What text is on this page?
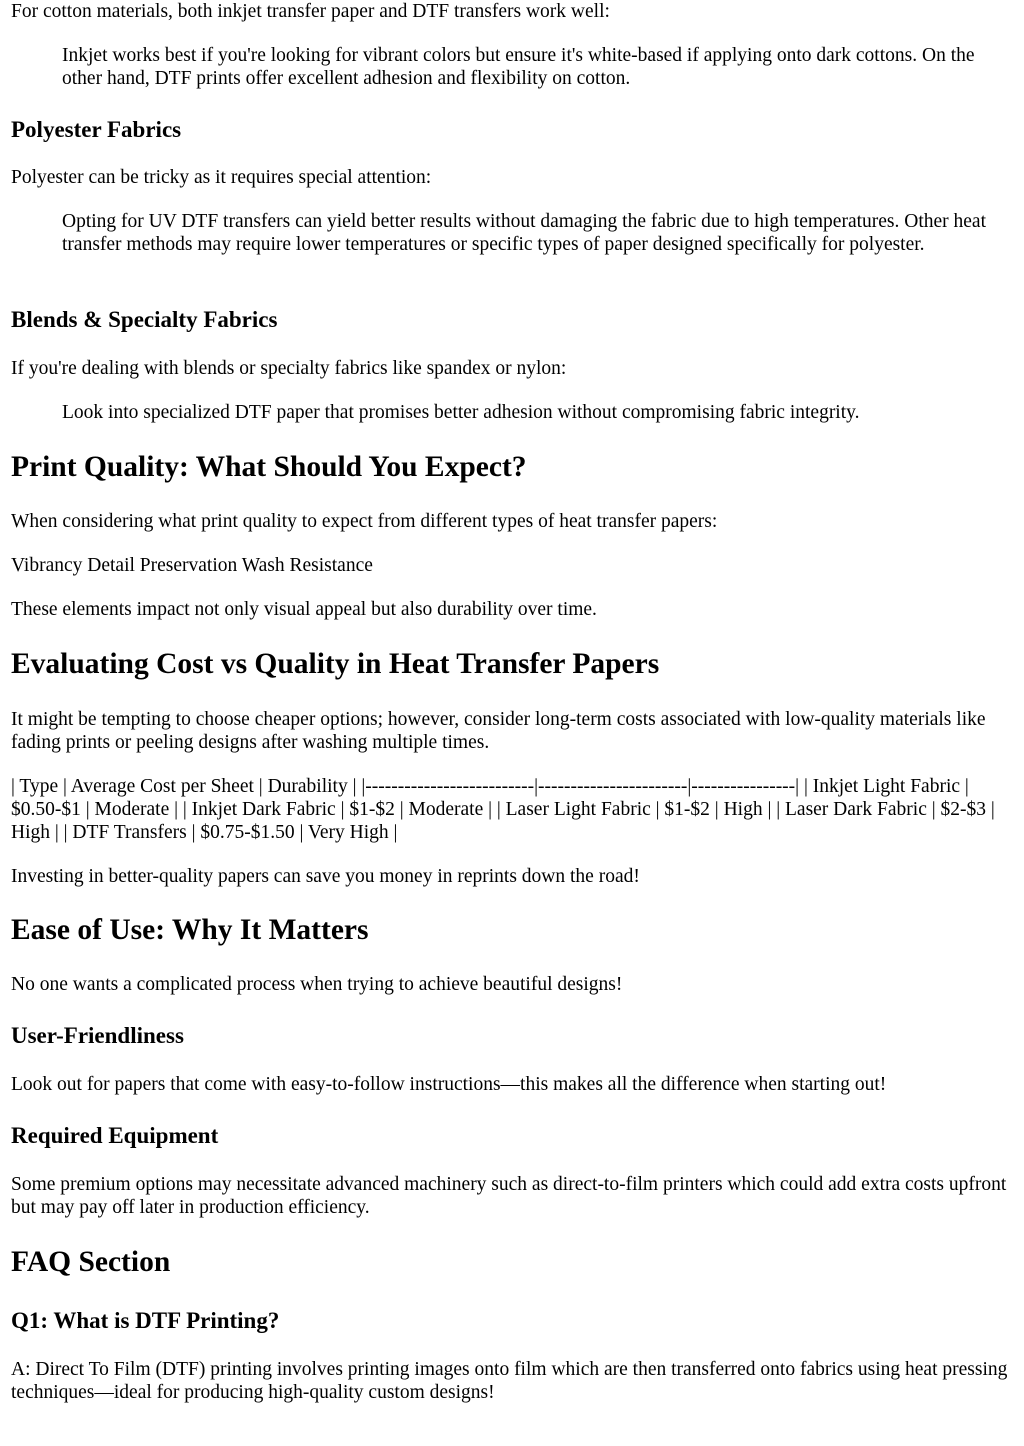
For cotton materials, both inkjet transfer paper and DTF transfers work well:

Inkjet works best if you're looking for vibrant colors but ensure it's white-based if applying onto dark cottons. On the other hand, DTF prints offer excellent adhesion and flexibility on cotton.

Polyester Fabrics

Polyester can be tricky as it requires special attention:

Opting for UV DTF transfers can yield better results without damaging the fabric due to high temperatures. Other heat transfer methods may require lower temperatures or specific types of paper designed specifically for polyester.

Blends & Specialty Fabrics

If you're dealing with blends or specialty fabrics like spandex or nylon:

Look into specialized DTF paper that promises better adhesion without compromising fabric integrity.

Print Quality: What Should You Expect?

When considering what print quality to expect from different types of heat transfer papers:

Vibrancy Detail Preservation Wash Resistance

These elements impact not only visual appeal but also durability over time.

Evaluating Cost vs Quality in Heat Transfer Papers

It might be tempting to choose cheaper options; however, consider long-term costs associated with low-quality materials like fading prints or peeling designs after washing multiple times.

| Type | Average Cost per Sheet | Durability | |--------------------------|-----------------------|----------------| | Inkjet Light Fabric | $0.50-$1 | Moderate | | Inkjet Dark Fabric | $1-$2 | Moderate | | Laser Light Fabric | $1-$2 | High | | Laser Dark Fabric | $2-$3 | High | | DTF Transfers | $0.75-$1.50 | Very High |

Investing in better-quality papers can save you money in reprints down the road!

Ease of Use: Why It Matters

No one wants a complicated process when trying to achieve beautiful designs!

User-Friendliness

Look out for papers that come with easy-to-follow instructions—this makes all the difference when starting out!

Required Equipment

Some premium options may necessitate advanced machinery such as direct-to-film printers which could add extra costs upfront but may pay off later in production efficiency.

FAQ Section
Q1: What is DTF Printing?

A: Direct To Film (DTF) printing involves printing images onto film which are then transferred onto fabrics using heat pressing techniques—ideal for producing high-quality custom designs!
